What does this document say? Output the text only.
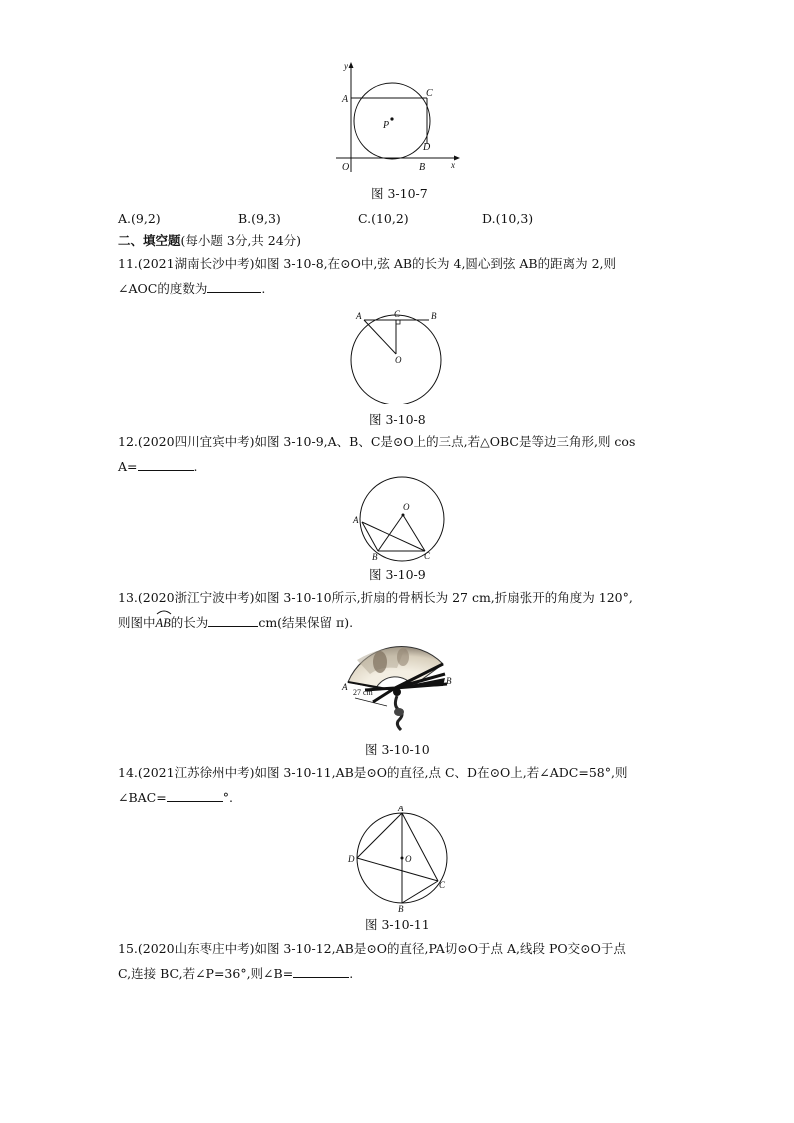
y
x
O
A
B
C
D
P
图 3-10-7
A.(9,2)	B.(9,3)	C.(10,2)	D.(10,3)
二、填空题(每小题 3分,共 24分)
11.(2021湖南长沙中考)如图 3-10-8,在⊙O中,弦 AB的长为 4,圆心到弦 AB的距离为 2,则
∠AOC的度数为	.
A	B
C
O
图 3-10-8
12.(2020四川宜宾中考)如图 3-10-9,A、B、C是⊙O上的三点,若△OBC是等边三角形,则 cos
A=	.
O
A
B	C
图 3-10-9
13.(2020浙江宁波中考)如图 3-10-10所示,折扇的骨柄长为 27 cm,折扇张开的角度为 120°,
则图中AB
的长为	cm(结果保留 π).
A
B
27 cm
图 3-10-10
14.(2021江苏徐州中考)如图 3-10-11,AB是⊙O的直径,点 C、D在⊙O上,若∠ADC=58°,则
∠BAC=	°.
A
B
C
D	O
图 3-10-11
15.(2020山东枣庄中考)如图 3-10-12,AB是⊙O的直径,PA切⊙O于点 A,线段 PO交⊙O于点
C,连接 BC,若∠P=36°,则∠B=	.
